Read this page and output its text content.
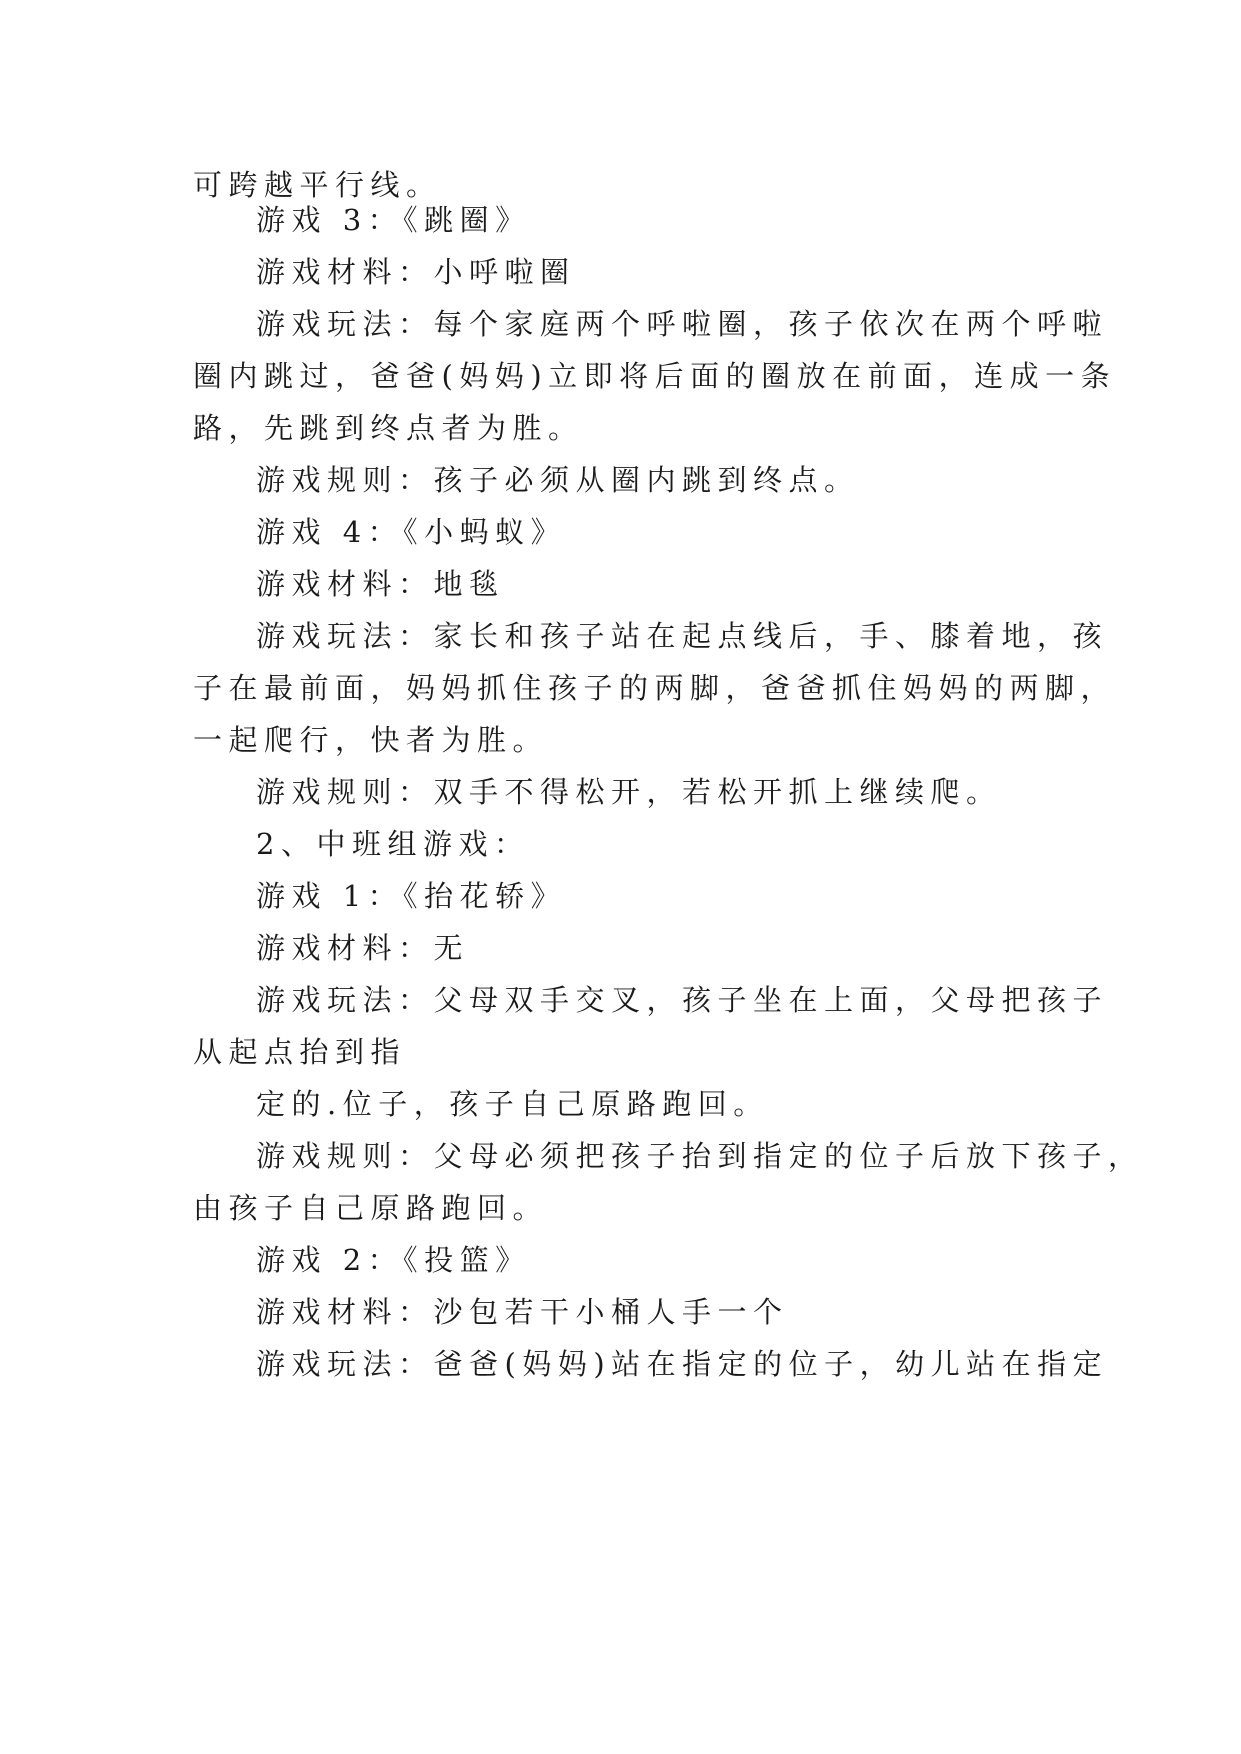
可跨越平行线。

游戏 3：《跳圈》

游戏材料：小呼啦圈

游戏玩法：每个家庭两个呼啦圈，孩子依次在两个呼啦

圈内跳过，爸爸(妈妈)立即将后面的圈放在前面，连成一条

路，先跳到终点者为胜。

游戏规则：孩子必须从圈内跳到终点。

游戏 4：《小蚂蚁》

游戏材料：地毯

游戏玩法：家长和孩子站在起点线后，手、膝着地，孩

子在最前面，妈妈抓住孩子的两脚，爸爸抓住妈妈的两脚，

一起爬行，快者为胜。

游戏规则：双手不得松开，若松开抓上继续爬。

2、中班组游戏：

游戏 1：《抬花轿》

游戏材料：无

游戏玩法：父母双手交叉，孩子坐在上面，父母把孩子

从起点抬到指

定的.位子，孩子自己原路跑回。

游戏规则：父母必须把孩子抬到指定的位子后放下孩子，

由孩子自己原路跑回。

游戏 2：《投篮》

游戏材料：沙包若干小桶人手一个

游戏玩法：爸爸(妈妈)站在指定的位子，幼儿站在指定
